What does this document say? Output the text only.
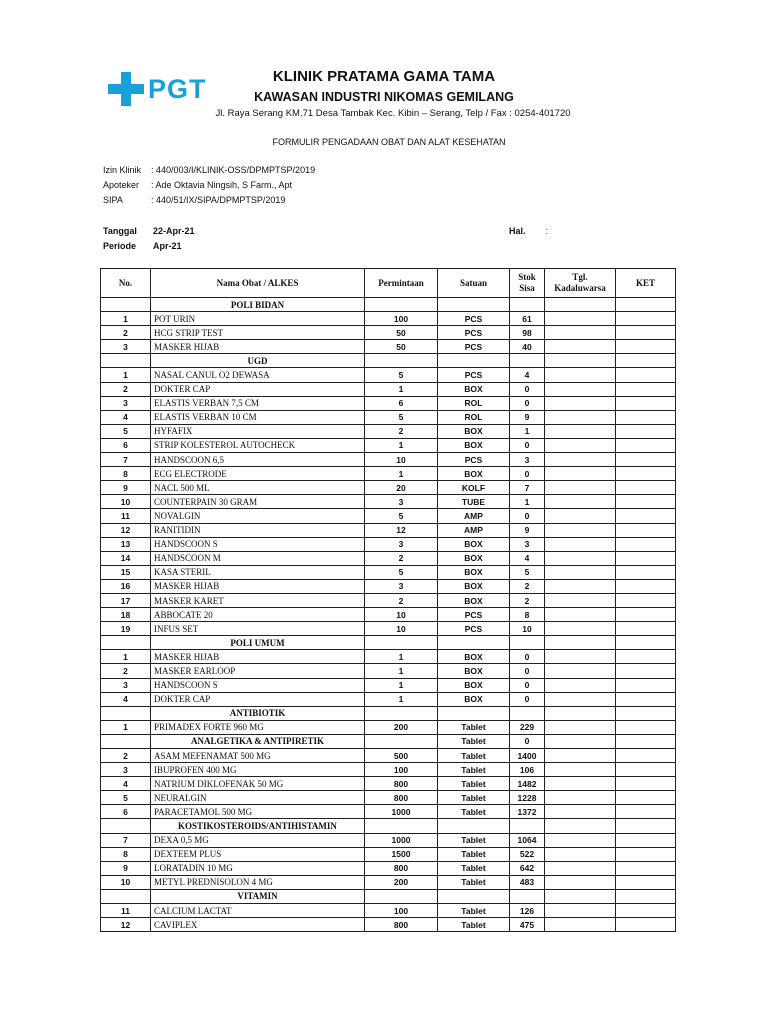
PGT	KLINIK PRATAMA GAMA TAMA
KAWASAN INDUSTRI NIKOMAS GEMILANG
Jl. Raya Serang KM.71 Desa Tambak Kec. Kibin – Serang, Telp / Fax : 0254-401720
FORMULIR PENGADAAN OBAT DAN ALAT KESEHATAN
Izin Klinik	: 440/003/I/KLINIK-OSS/DPMPTSP/2019
Apoteker	: Ade Oktavia Ningsih, S Farm., Apt
SIPA	: 440/51/IX/SIPA/DPMPTSP/2019
Tanggal	22-Apr-21
Periode	Apr-21
Hal. :
No.	Nama Obat / ALKES	Permintaan	Satuan	Stok Sisa	Tgl. Kadaluwarsa	KET
	POLI BIDAN					
1	POT URIN	100	PCS	61		
2	HCG STRIP TEST	50	PCS	98		
3	MASKER HIJAB	50	PCS	40		
	UGD					
1	NASAL CANUL O2 DEWASA	5	PCS	4		
2	DOKTER CAP	1	BOX	0		
3	ELASTIS VERBAN 7,5 CM	6	ROL	0		
4	ELASTIS VERBAN 10 CM	5	ROL	9		
5	HYFAFIX	2	BOX	1		
6	STRIP KOLESTEROL AUTOCHECK	1	BOX	0		
7	HANDSCOON 6,5	10	PCS	3		
8	ECG ELECTRODE	1	BOX	0		
9	NACL 500 ML	20	KOLF	7		
10	COUNTERPAIN 30 GRAM	3	TUBE	1		
11	NOVALGIN	5	AMP	0		
12	RANITIDIN	12	AMP	9		
13	HANDSCOON S	3	BOX	3		
14	HANDSCOON M	2	BOX	4		
15	KASA STERIL	5	BOX	5		
16	MASKER HIJAB	3	BOX	2		
17	MASKER KARET	2	BOX	2		
18	ABBOCATE 20	10	PCS	8		
19	INFUS SET	10	PCS	10		
	POLI UMUM					
1	MASKER HIJAB	1	BOX	0		
2	MASKER EARLOOP	1	BOX	0		
3	HANDSCOON S	1	BOX	0		
4	DOKTER CAP	1	BOX	0		
	ANTIBIOTIK					
1	PRIMADEX FORTE 960 MG	200	Tablet	229		
	ANALGETIKA & ANTIPIRETIK		Tablet	0		
2	ASAM MEFENAMAT 500 MG	500	Tablet	1400		
3	IBUPROFEN 400 MG	100	Tablet	106		
4	NATRIUM DIKLOFENAK 50 MG	800	Tablet	1482		
5	NEURALGIN	800	Tablet	1228		
6	PARACETAMOL 500 MG	1000	Tablet	1372		
	KOSTIKOSTEROIDS/ANTIHISTAMIN					
7	DEXA 0,5 MG	1000	Tablet	1064		
8	DEXTEEM PLUS	1500	Tablet	522		
9	LORATADIN 10 MG	800	Tablet	642		
10	METYL PREDNISOLON 4 MG	200	Tablet	483		
	VITAMIN					
11	CALCIUM LACTAT	100	Tablet	126		
12	CAVIPLEX	800	Tablet	475		
